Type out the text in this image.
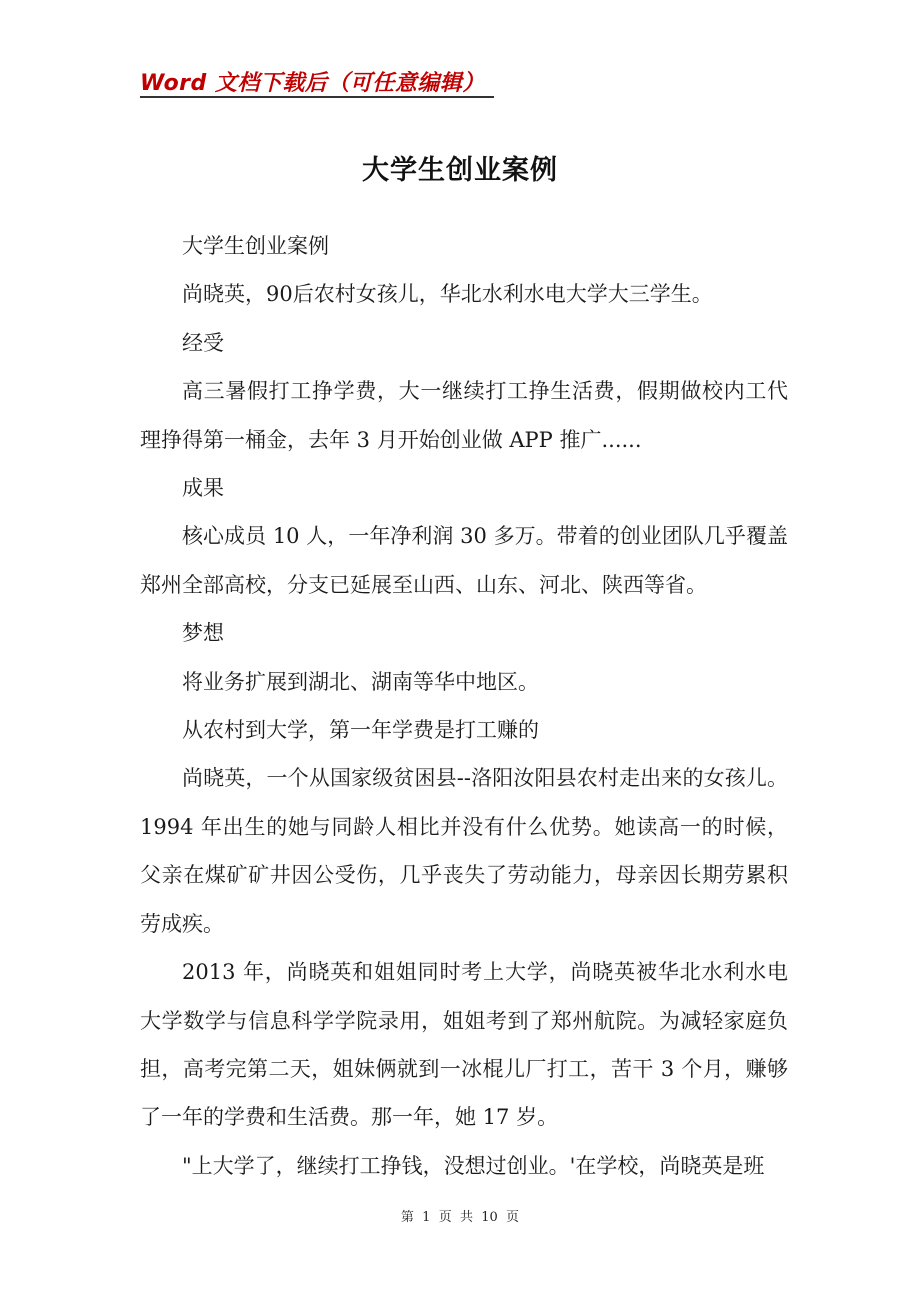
Word 文档下载后（可任意编辑）
大学生创业案例

大学生创业案例

尚晓英，90后农村女孩儿，华北水利水电大学大三学生。

经受

高三暑假打工挣学费，大一继续打工挣生活费，假期做校内工代理挣得第一桶金，去年 3 月开始创业做 APP 推广......

成果

核心成员 10 人，一年净利润 30 多万。带着的创业团队几乎覆盖郑州全部高校，分支已延展至山西、山东、河北、陕西等省。

梦想

将业务扩展到湖北、湖南等华中地区。

从农村到大学，第一年学费是打工赚的

尚晓英，一个从国家级贫困县--洛阳汝阳县农村走出来的女孩儿。1994 年出生的她与同龄人相比并没有什么优势。她读高一的时候，父亲在煤矿矿井因公受伤，几乎丧失了劳动能力，母亲因长期劳累积劳成疾。

2013 年，尚晓英和姐姐同时考上大学，尚晓英被华北水利水电大学数学与信息科学学院录用，姐姐考到了郑州航院。为减轻家庭负担，高考完第二天，姐妹俩就到一冰棍儿厂打工，苦干 3 个月，赚够了一年的学费和生活费。那一年，她 17 岁。

"上大学了，继续打工挣钱，没想过创业。'在学校，尚晓英是班

第  1  页  共  10  页
